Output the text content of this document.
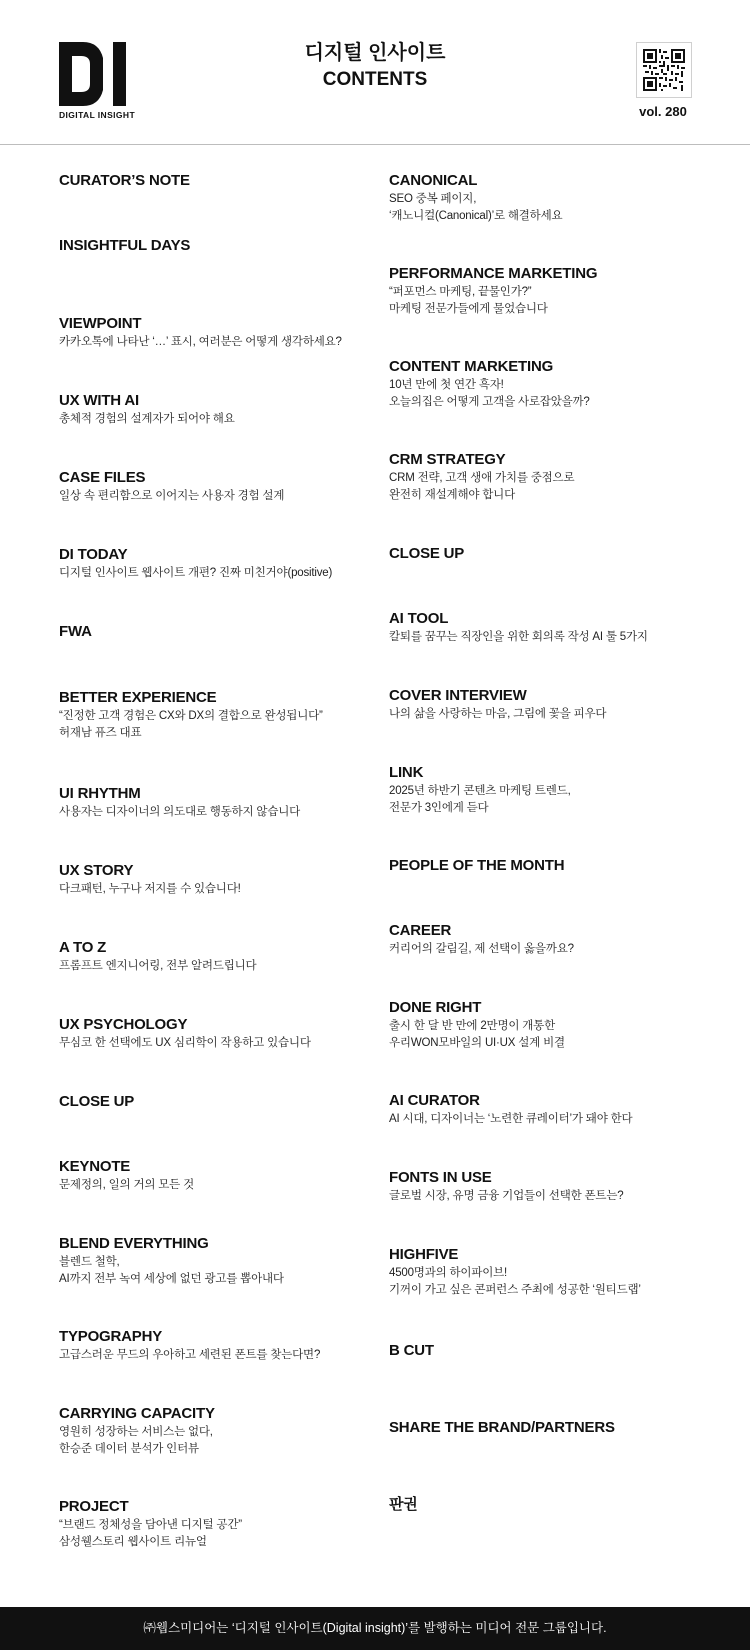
DIGITAL INSIGHT
디지털 인사이트
CONTENTS
vol. 280
CURATOR’S NOTE
INSIGHTFUL DAYS
VIEWPOINT
카카오톡에 나타난 ‘…’ 표시, 여러분은 어떻게 생각하세요?
UX WITH AI
총체적 경험의 설계자가 되어야 해요
CASE FILES
일상 속 편리함으로 이어지는 사용자 경험 설계
DI TODAY
디지털 인사이트 웹사이트 개편? 진짜 미친거야(positive)
FWA
BETTER EXPERIENCE
“진정한 고객 경험은 CX와 DX의 결합으로 완성됩니다”
허재남 퓨즈 대표
UI RHYTHM
사용자는 디자이너의 의도대로 행동하지 않습니다
UX STORY
다크패턴, 누구나 저지를 수 있습니다!
A TO Z
프롬프트 엔지니어링, 전부 알려드립니다
UX PSYCHOLOGY
무심코 한 선택에도 UX 심리학이 작용하고 있습니다
CLOSE UP
KEYNOTE
문제정의, 일의 거의 모든 것
BLEND EVERYTHING
블렌드 철학,
AI까지 전부 녹여 세상에 없던 광고를 뽑아내다
TYPOGRAPHY
고급스러운 무드의 우아하고 세련된 폰트를 찾는다면?
CARRYING CAPACITY
영원히 성장하는 서비스는 없다,
한승준 데이터 분석가 인터뷰
PROJECT
“브랜드 정체성을 담아낸 디지털 공간”
삼성웰스토리 웹사이트 리뉴얼
CANONICAL
SEO 중복 페이지,
‘캐노니컬(Canonical)’로 해결하세요
PERFORMANCE MARKETING
“퍼포먼스 마케팅, 끝물인가?”
마케팅 전문가들에게 물었습니다
CONTENT MARKETING
10년 만에 첫 연간 흑자!
오늘의집은 어떻게 고객을 사로잡았을까?
CRM STRATEGY
CRM 전략, 고객 생애 가치를 중점으로
완전히 재설계해야 합니다
CLOSE UP
AI TOOL
칼퇴를 꿈꾸는 직장인을 위한 회의록 작성 AI 툴 5가지
COVER INTERVIEW
나의 삶을 사랑하는 마음, 그림에 꽃을 피우다
LINK
2025년 하반기 콘텐츠 마케팅 트렌드,
전문가 3인에게 듣다
PEOPLE OF THE MONTH
CAREER
커리어의 갈림길, 제 선택이 옳을까요?
DONE RIGHT
출시 한 달 반 만에 2만명이 개통한
우리WON모바일의 UI·UX 설계 비결
AI CURATOR
AI 시대, 디자이너는 ‘노련한 큐레이터’가 돼야 한다
FONTS IN USE
글로벌 시장, 유명 금융 기업들이 선택한 폰트는?
HIGHFIVE
4500명과의 하이파이브!
기꺼이 가고 싶은 콘퍼런스 주최에 성공한 ‘원티드랩’
B CUT
SHARE THE BRAND/PARTNERS
판권
㈜웹스미디어는 ‘디지털 인사이트(Digital insight)’를 발행하는 미디어 전문 그룹입니다.
